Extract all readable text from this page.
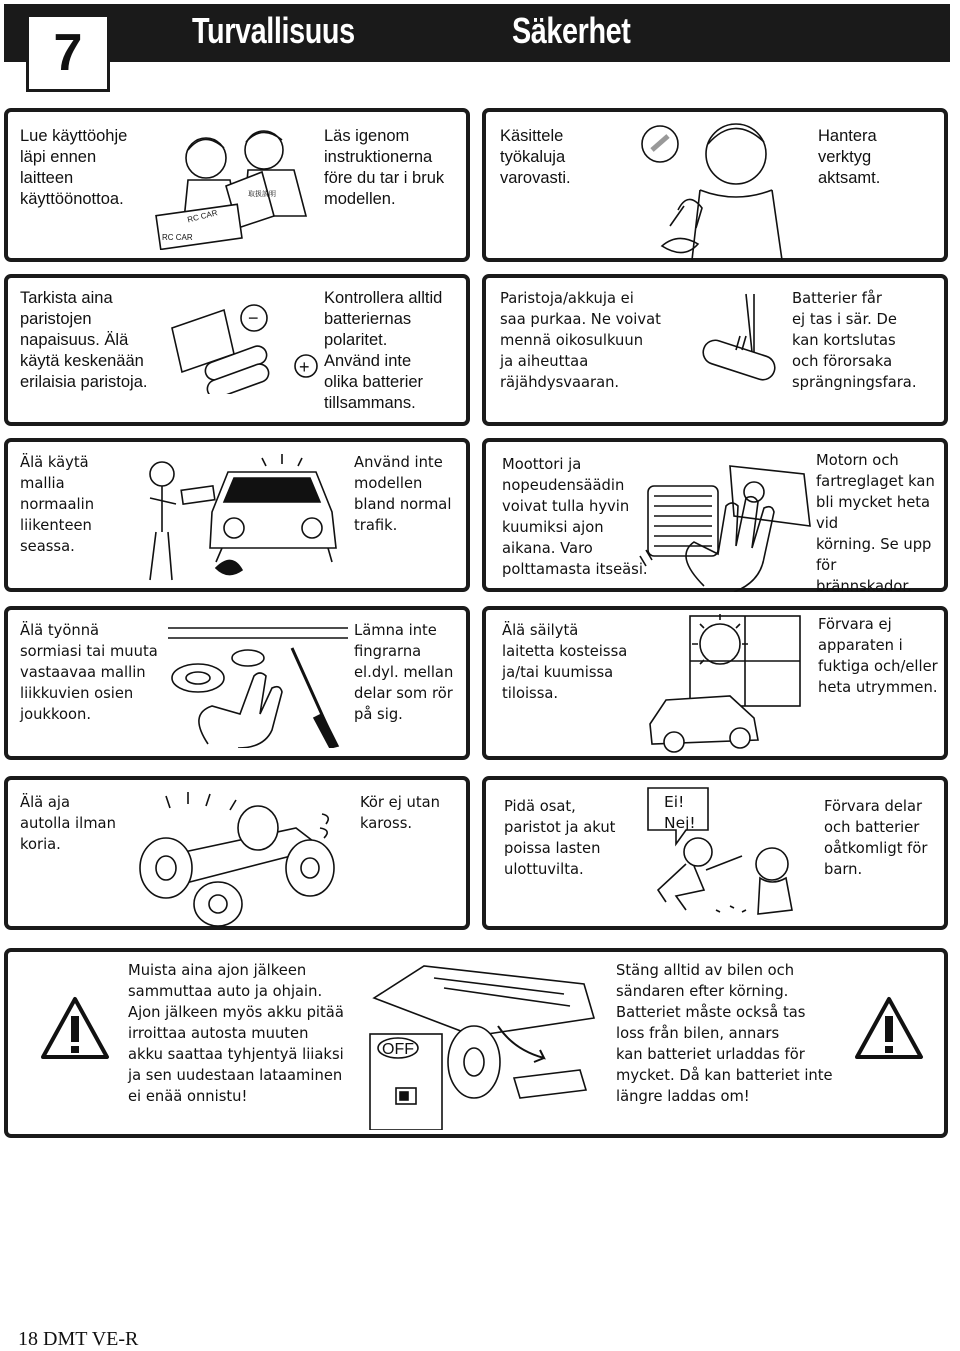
Turvallisuus	Säkerhet
7

Lue käyttöohje
läpi ennen
laitteen
käyttöönottoa.

Läs igenom
instruktionerna
före du tar i bruk
modellen.

RC CAR
RC CAR
取扱説明

Käsittele
työkaluja
varovasti.

Hantera
verktyg
aktsamt.

Tarkista aina
paristojen
napaisuus. Älä
käytä keskenään
erilaisia paristoja.

Kontrollera alltid
batteriernas
polaritet.
Använd inte
olika batterier
tillsammans.

−
+

Paristoja/akkuja ei
saa purkaa. Ne voivat
mennä oikosulkuun
ja aiheuttaa
räjähdysvaaran.

Batterier får
ej tas i sär. De
kan kortslutas
och förorsaka
sprängningsfara.

Älä käytä
mallia
normaalin
liikenteen
seassa.

Använd inte
modellen
bland normal
trafik.

Moottori ja
nopeudensäädin
voivat tulla hyvin
kuumiksi ajon
aikana. Varo
polttamasta itseäsi.

Motorn och
fartreglaget kan
bli mycket heta vid
körning. Se upp för
brännskador.

Älä työnnä
sormiasi tai muuta
vastaavaa mallin
liikkuvien osien
joukkoon.

Lämna inte
fingrarna
el.dyl. mellan
delar som rör
på sig.

Älä säilytä
laitetta kosteissa
ja/tai kuumissa
tiloissa.

Förvara ej
apparaten i
fuktiga och/eller
heta utrymmen.

Älä aja
autolla ilman
koria.

Kör ej utan
kaross.

Pidä osat,
paristot ja akut
poissa lasten
ulottuvilta.

Förvara delar
och batterier
oåtkomligt för
barn.

Ei!
Nej!

Muista aina ajon jälkeen
sammuttaa auto ja ohjain.
Ajon jälkeen myös akku pitää
irroittaa autosta muuten
akku saattaa tyhjentyä liiaksi
ja sen uudestaan lataaminen
ei enää onnistu!

OFF

Stäng alltid av bilen och
sändaren efter körning.
Batteriet måste också tas
loss från bilen, annars
kan batteriet urladdas för
mycket. Då kan batteriet inte
längre laddas om!

18 DMT VE-R
